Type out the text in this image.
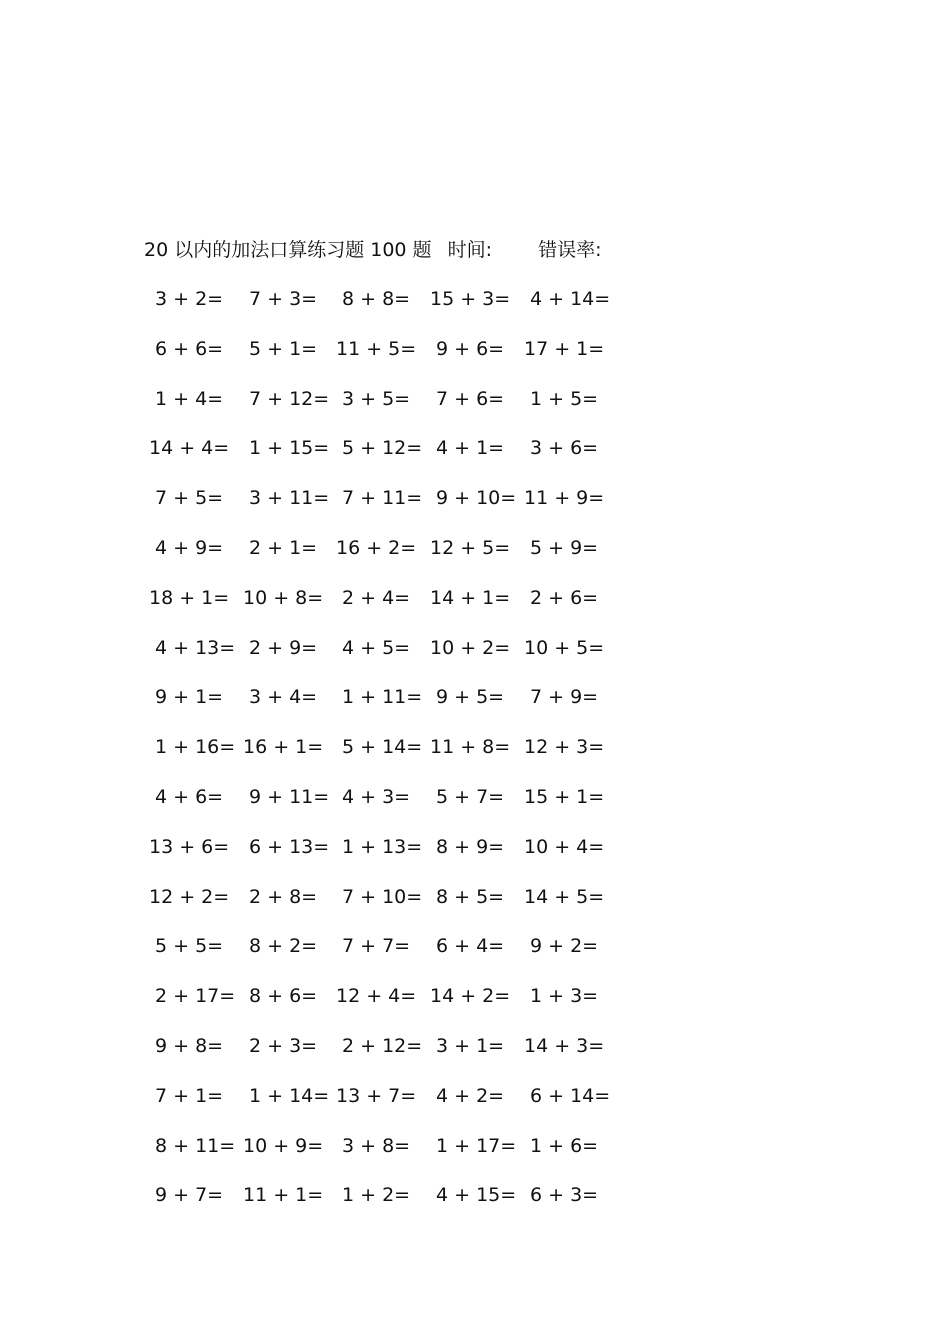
20 以内的加法口算练习题 100 题 时间: 错误率:
3 + 2= 7 + 3= 8 + 8= 15 + 3= 4 + 14=
6 + 6= 5 + 1= 11 + 5= 9 + 6= 17 + 1=
1 + 4= 7 + 12= 3 + 5= 7 + 6= 1 + 5=
14 + 4= 1 + 15= 5 + 12= 4 + 1= 3 + 6=
7 + 5= 3 + 11= 7 + 11= 9 + 10= 11 + 9=
4 + 9= 2 + 1= 16 + 2= 12 + 5= 5 + 9=
18 + 1= 10 + 8= 2 + 4= 14 + 1= 2 + 6=
4 + 13= 2 + 9= 4 + 5= 10 + 2= 10 + 5=
9 + 1= 3 + 4= 1 + 11= 9 + 5= 7 + 9=
1 + 16= 16 + 1= 5 + 14= 11 + 8= 12 + 3=
4 + 6= 9 + 11= 4 + 3= 5 + 7= 15 + 1=
13 + 6= 6 + 13= 1 + 13= 8 + 9= 10 + 4=
12 + 2= 2 + 8= 7 + 10= 8 + 5= 14 + 5=
5 + 5= 8 + 2= 7 + 7= 6 + 4= 9 + 2=
2 + 17= 8 + 6= 12 + 4= 14 + 2= 1 + 3=
9 + 8= 2 + 3= 2 + 12= 3 + 1= 14 + 3=
7 + 1= 1 + 14= 13 + 7= 4 + 2= 6 + 14=
8 + 11= 10 + 9= 3 + 8= 1 + 17= 1 + 6=
9 + 7= 11 + 1= 1 + 2= 4 + 15= 6 + 3=
